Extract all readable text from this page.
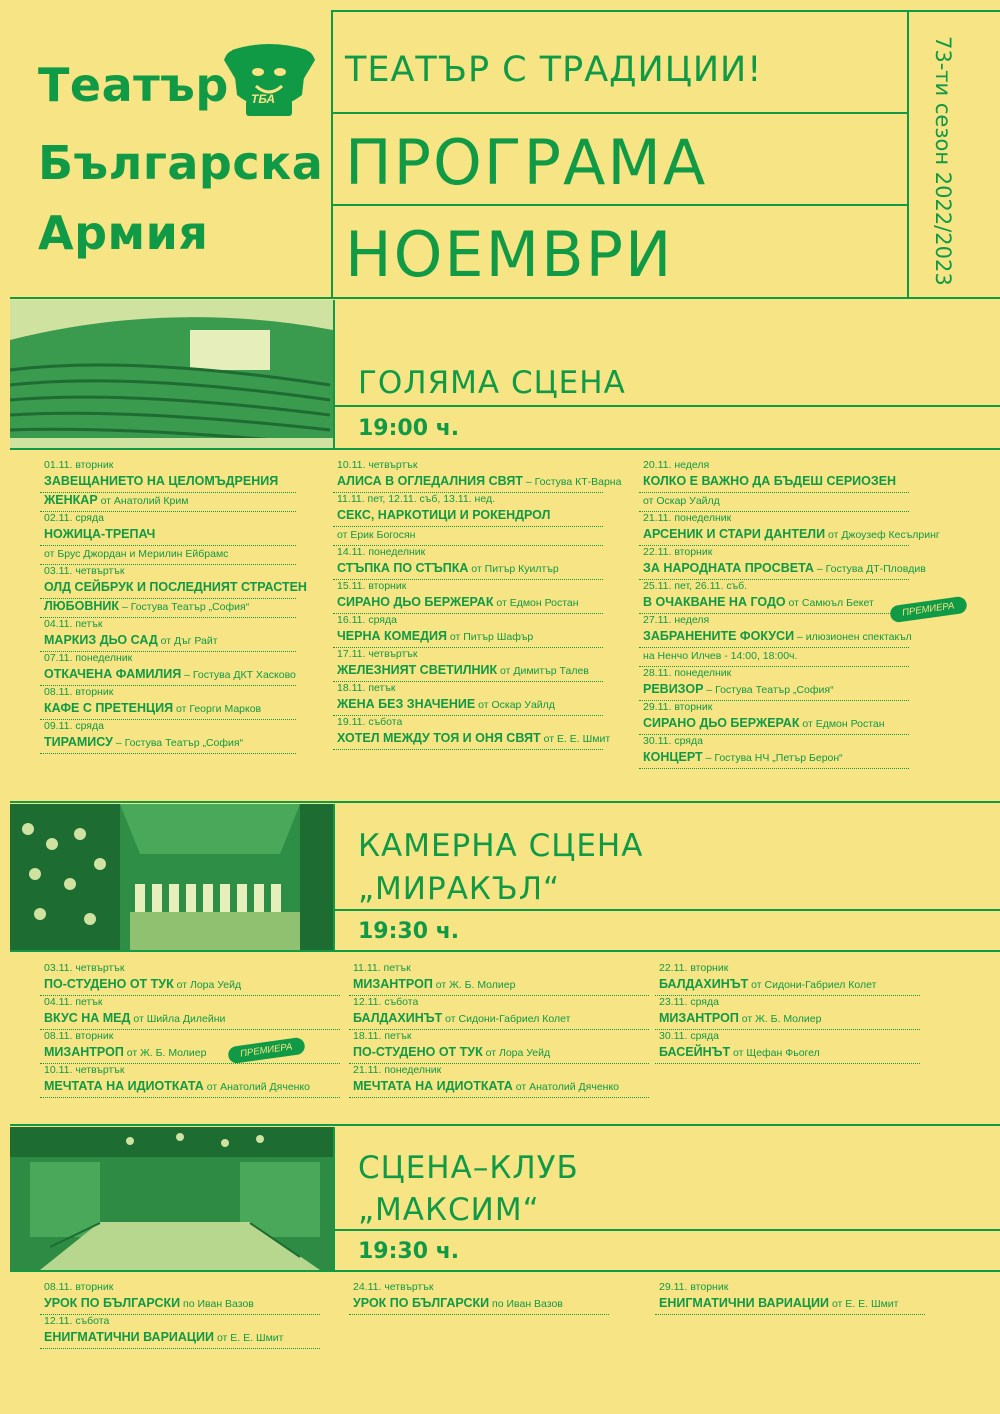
Театър
Българска
Армия
ТБА
ТЕАТЪР С ТРАДИЦИИ!
ПРОГРАМА
НОЕМВРИ	73-ти сезон 2022/2023
ГОЛЯМА СЦЕНА
19:00 ч.
01.11. вторник
ЗАВЕЩАНИЕТО НА ЦЕЛОМЪДРЕНИЯ
ЖЕНКАР от Анатолий Крим
02.11. сряда
НОЖИЦА-ТРЕПАЧ
от Брус Джордан и Мерилин Ейбрамс
03.11. четвъртък
ОЛД СЕЙБРУК И ПОСЛЕДНИЯТ СТРАСТЕН
ЛЮБОВНИК – Гостува Театър „София“
04.11. петък
МАРКИЗ ДЬО САД от Дъг Райт
07.11. понеделник
ОТКАЧЕНА ФАМИЛИЯ – Гостува ДКТ Хасково
08.11. вторник
КАФЕ С ПРЕТЕНЦИЯ от Георги Марков
09.11. сряда
ТИРАМИСУ – Гостува Театър „София“
10.11. четвъртък
АЛИСА В ОГЛЕДАЛНИЯ СВЯТ – Гостува КТ-Варна
11.11. пет, 12.11. съб, 13.11. нед.
СЕКС, НАРКОТИЦИ И РОКЕНДРОЛ
от Ерик Богосян
14.11. понеделник
СТЪПКА ПО СТЪПКА от Питър Куилтър
15.11. вторник
СИРАНО ДЬО БЕРЖЕРАК от Едмон Ростан
16.11. сряда
ЧЕРНА КОМЕДИЯ от Питър Шафър
17.11. четвъртък
ЖЕЛЕЗНИЯТ СВЕТИЛНИК от Димитър Талев
18.11. петък
ЖЕНА БЕЗ ЗНАЧЕНИЕ от Оскар Уайлд
19.11. събота
ХОТЕЛ МЕЖДУ ТОЯ И ОНЯ СВЯТ от Е. Е. Шмит
20.11. неделя
КОЛКО Е ВАЖНО ДА БЪДЕШ СЕРИОЗЕН
от Оскар Уайлд
21.11. понеделник
АРСЕНИК И СТАРИ ДАНТЕЛИ от Джоузеф Кесълринг
22.11. вторник
ЗА НАРОДНАТА ПРОСВЕТА – Гостува ДТ-Пловдив
25.11. пет, 26.11. съб.
В ОЧАКВАНЕ НА ГОДО от Самюъл Бекет
27.11. неделя
ЗАБРАНЕНИТЕ ФОКУСИ – илюзионен спектакъл
на Ненчо Илчев - 14:00, 18:00ч.
28.11. понеделник
РЕВИЗОР – Гостува Театър „София“
29.11. вторник
СИРАНО ДЬО БЕРЖЕРАК от Едмон Ростан
30.11. сряда
КОНЦЕРТ – Гостува НЧ „Петър Берон“
ПРЕМИЕРА
КАМЕРНА СЦЕНА
„МИРАКЪЛ“
19:30 ч.
03.11. четвъртък
ПО-СТУДЕНО ОТ ТУК от Лора Уейд
04.11. петък
ВКУС НА МЕД от Шийла Дилейни
08.11. вторник
МИЗАНТРОП от Ж. Б. Молиер
10.11. четвъртък
МЕЧТАТА НА ИДИОТКАТА от Анатолий Дяченко
11.11. петък
МИЗАНТРОП от Ж. Б. Молиер
12.11. събота
БАЛДАХИНЪТ от Сидони-Габриел Колет
18.11. петък
ПО-СТУДЕНО ОТ ТУК от Лора Уейд
21.11. понеделник
МЕЧТАТА НА ИДИОТКАТА от Анатолий Дяченко
22.11. вторник
БАЛДАХИНЪТ от Сидони-Габриел Колет
23.11. сряда
МИЗАНТРОП от Ж. Б. Молиер
30.11. сряда
БАСЕЙНЪТ от Щефан Фьогел
ПРЕМИЕРА
СЦЕНА–КЛУБ
„МАКСИМ“
19:30 ч.
08.11. вторник
УРОК ПО БЪЛГАРСКИ по Иван Вазов
12.11. събота
ЕНИГМАТИЧНИ ВАРИАЦИИ от Е. Е. Шмит
24.11. четвъртък
УРОК ПО БЪЛГАРСКИ по Иван Вазов
29.11. вторник
ЕНИГМАТИЧНИ ВАРИАЦИИ от Е. Е. Шмит
